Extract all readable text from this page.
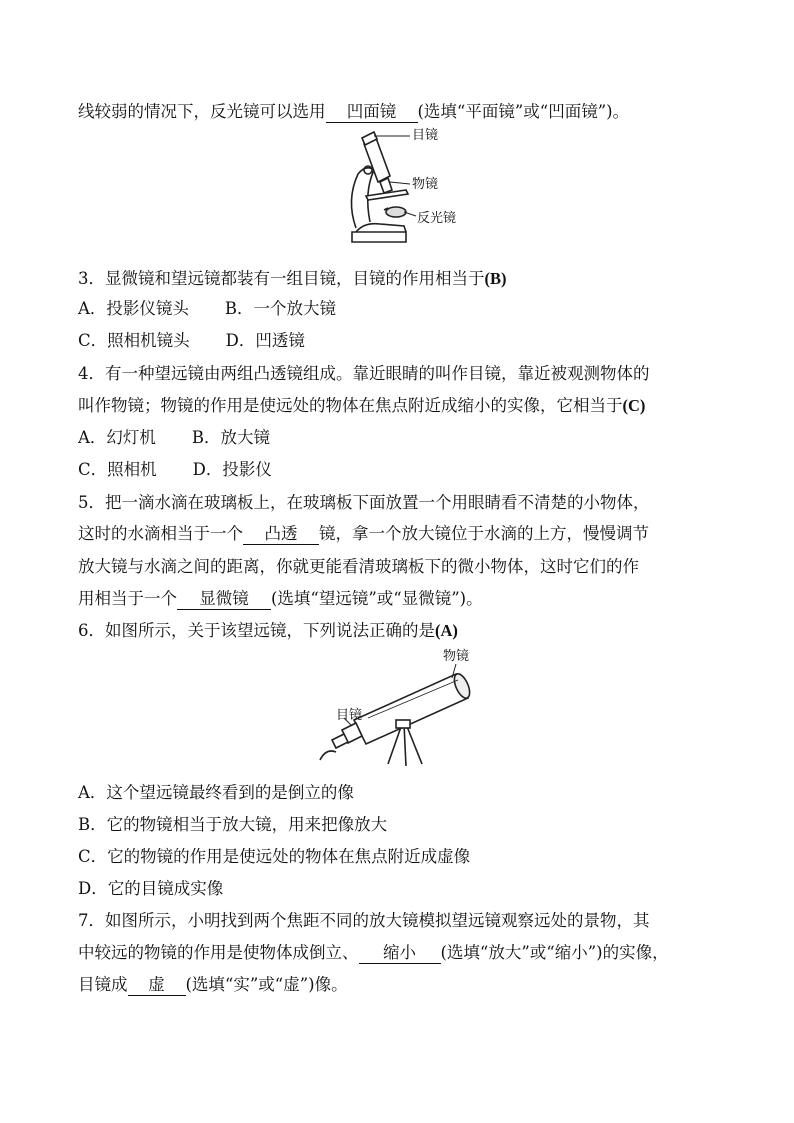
线较弱的情况下，反光镜可以选用 凹面镜 (选填“平面镜”或“凹面镜”)。
目镜
物镜
反光镜
3．显微镜和望远镜都装有一组目镜，目镜的作用相当于(B)
A．投影仪镜头 B．一个放大镜
C．照相机镜头 D．凹透镜
4．有一种望远镜由两组凸透镜组成。靠近眼睛的叫作目镜，靠近被观测物体的
叫作物镜；物镜的作用是使远处的物体在焦点附近成缩小的实像，它相当于(C)
A．幻灯机 B．放大镜
C．照相机 D．投影仪
5．把一滴水滴在玻璃板上，在玻璃板下面放置一个用眼睛看不清楚的小物体，
这时的水滴相当于一个 凸透 镜，拿一个放大镜位于水滴的上方，慢慢调节
放大镜与水滴之间的距离，你就更能看清玻璃板下的微小物体，这时它们的作
用相当于一个 显微镜 (选填“望远镜”或“显微镜”)。
6．如图所示，关于该望远镜，下列说法正确的是(A)
物镜
目镜
A．这个望远镜最终看到的是倒立的像
B．它的物镜相当于放大镜，用来把像放大
C．它的物镜的作用是使远处的物体在焦点附近成虚像
D．它的目镜成实像
7．如图所示，小明找到两个焦距不同的放大镜模拟望远镜观察远处的景物，其
中较远的物镜的作用是使物体成倒立、 缩小 (选填“放大”或“缩小”)的实像，
目镜成 虚 (选填“实”或“虚”)像。
